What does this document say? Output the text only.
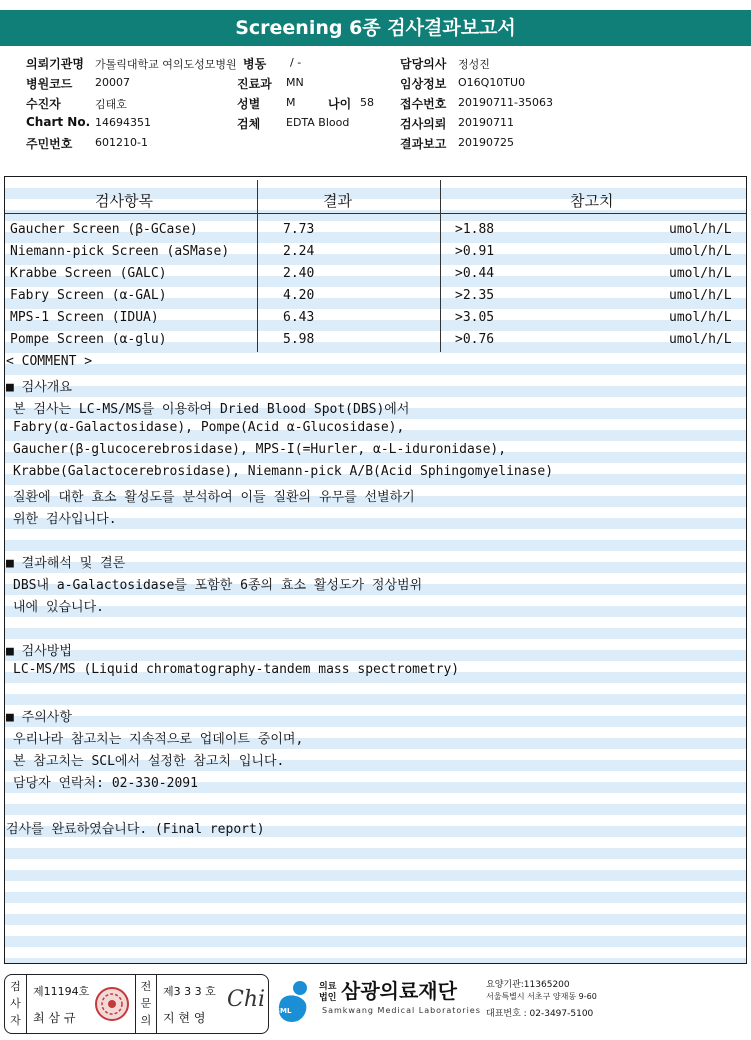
Screening 6종 검사결과보고서
의뢰기관명 가톨릭대학교 여의도성모병원 병동 / -
병원코드 20007	진료과 MN
수진자	김태호	성별 M	나이 58
Chart No. 14694351	검체 EDTA Blood
주민번호 601210-1
담당의사 정성진
임상정보 O16Q10TU0
접수번호 20190711-35063
검사의뢰 20190711
결과보고 20190725
검사항목	결과	참고치
Gaucher Screen (β-GCase)	7.73	>1.88	umol/h/L
Niemann-pick Screen (aSMase)	2.24	>0.91	umol/h/L
Krabbe Screen (GALC)	2.40	>0.44	umol/h/L
Fabry Screen (α-GAL)	4.20	>2.35	umol/h/L
MPS-1 Screen (IDUA)	6.43	>3.05	umol/h/L
Pompe Screen (α-glu)	5.98	>0.76	umol/h/L
< COMMENT >
■ 검사개요
본 검사는 LC-MS/MS를 이용하여 Dried Blood Spot(DBS)에서
Fabry(α-Galactosidase), Pompe(Acid α-Glucosidase),
Gaucher(β-glucocerebrosidase), MPS-I(=Hurler, α-L-iduronidase),
Krabbe(Galactocerebrosidase), Niemann-pick A/B(Acid Sphingomyelinase)
질환에 대한 효소 활성도를 분석하여 이들 질환의 유무를 선별하기
위한 검사입니다.
■ 결과해석 및 결론
DBS내 a-Galactosidase를 포함한 6종의 효소 활성도가 정상범위
내에 있습니다.
■ 검사방법
LC-MS/MS (Liquid chromatography-tandem mass spectrometry)
■ 주의사항
우리나라 참고치는 지속적으로 업데이트 중이며,
본 참고치는 SCL에서 설정한 참고치 입니다.
담당자 연락처: 02-330-2091
검사를 완료하였습니다. (Final report)
검
사
자
제11194호
최 삼 규
전
문
의
제3 3 3 호
지 현 영
Chi SML
의료
법인 삼광의료재단
Samkwang Medical Laboratories
요양기관:11365200
서울특별시 서초구 양재동 9-60
대표번호 : 02-3497-5100
